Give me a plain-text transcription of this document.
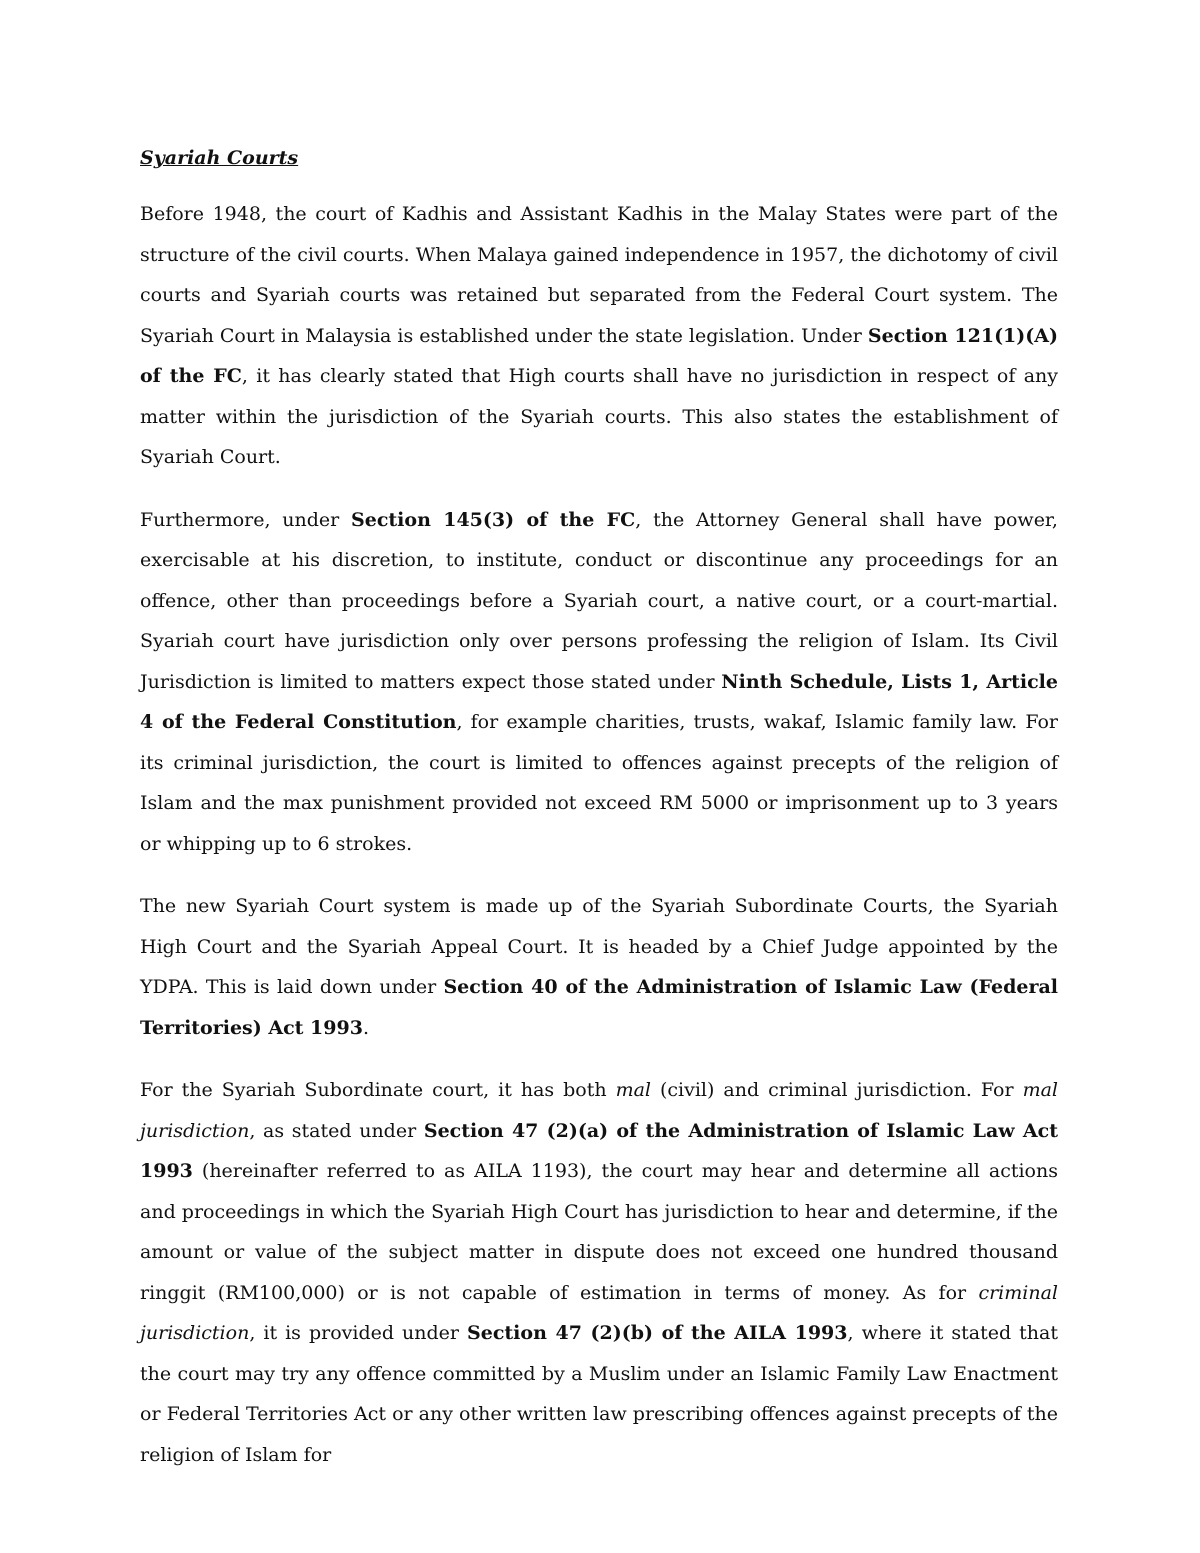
Syariah Courts

Before 1948, the court of Kadhis and Assistant Kadhis in the Malay States were part of the structure of the civil courts. When Malaya gained independence in 1957, the dichotomy of civil courts and Syariah courts was retained but separated from the Federal Court system. The Syariah Court in Malaysia is established under the state legislation. Under Section 121(1)(A) of the FC, it has clearly stated that High courts shall have no jurisdiction in respect of any matter within the jurisdiction of the Syariah courts. This also states the establishment of Syariah Court.

Furthermore, under Section 145(3) of the FC, the Attorney General shall have power, exercisable at his discretion, to institute, conduct or discontinue any proceedings for an offence, other than proceedings before a Syariah court, a native court, or a court-martial. Syariah court have jurisdiction only over persons professing the religion of Islam. Its Civil Jurisdiction is limited to matters expect those stated under Ninth Schedule, Lists 1, Article 4 of the Federal Constitution, for example charities, trusts, wakaf, Islamic family law. For its criminal jurisdiction, the court is limited to offences against precepts of the religion of Islam and the max punishment provided not exceed RM 5000 or imprisonment up to 3 years or whipping up to 6 strokes.

The new Syariah Court system is made up of the Syariah Subordinate Courts, the Syariah High Court and the Syariah Appeal Court. It is headed by a Chief Judge appointed by the YDPA. This is laid down under Section 40 of the Administration of Islamic Law (Federal Territories) Act 1993.

For the Syariah Subordinate court, it has both mal (civil) and criminal jurisdiction. For mal jurisdiction, as stated under Section 47 (2)(a) of the Administration of Islamic Law Act 1993 (hereinafter referred to as AILA 1193), the court may hear and determine all actions and proceedings in which the Syariah High Court has jurisdiction to hear and determine, if the amount or value of the subject matter in dispute does not exceed one hundred thousand ringgit (RM100,000) or is not capable of estimation in terms of money. As for criminal jurisdiction, it is provided under Section 47 (2)(b) of the AILA 1993, where it stated that the court may try any offence committed by a Muslim under an Islamic Family Law Enactment or Federal Territories Act or any other written law prescribing offences against precepts of the religion of Islam for
